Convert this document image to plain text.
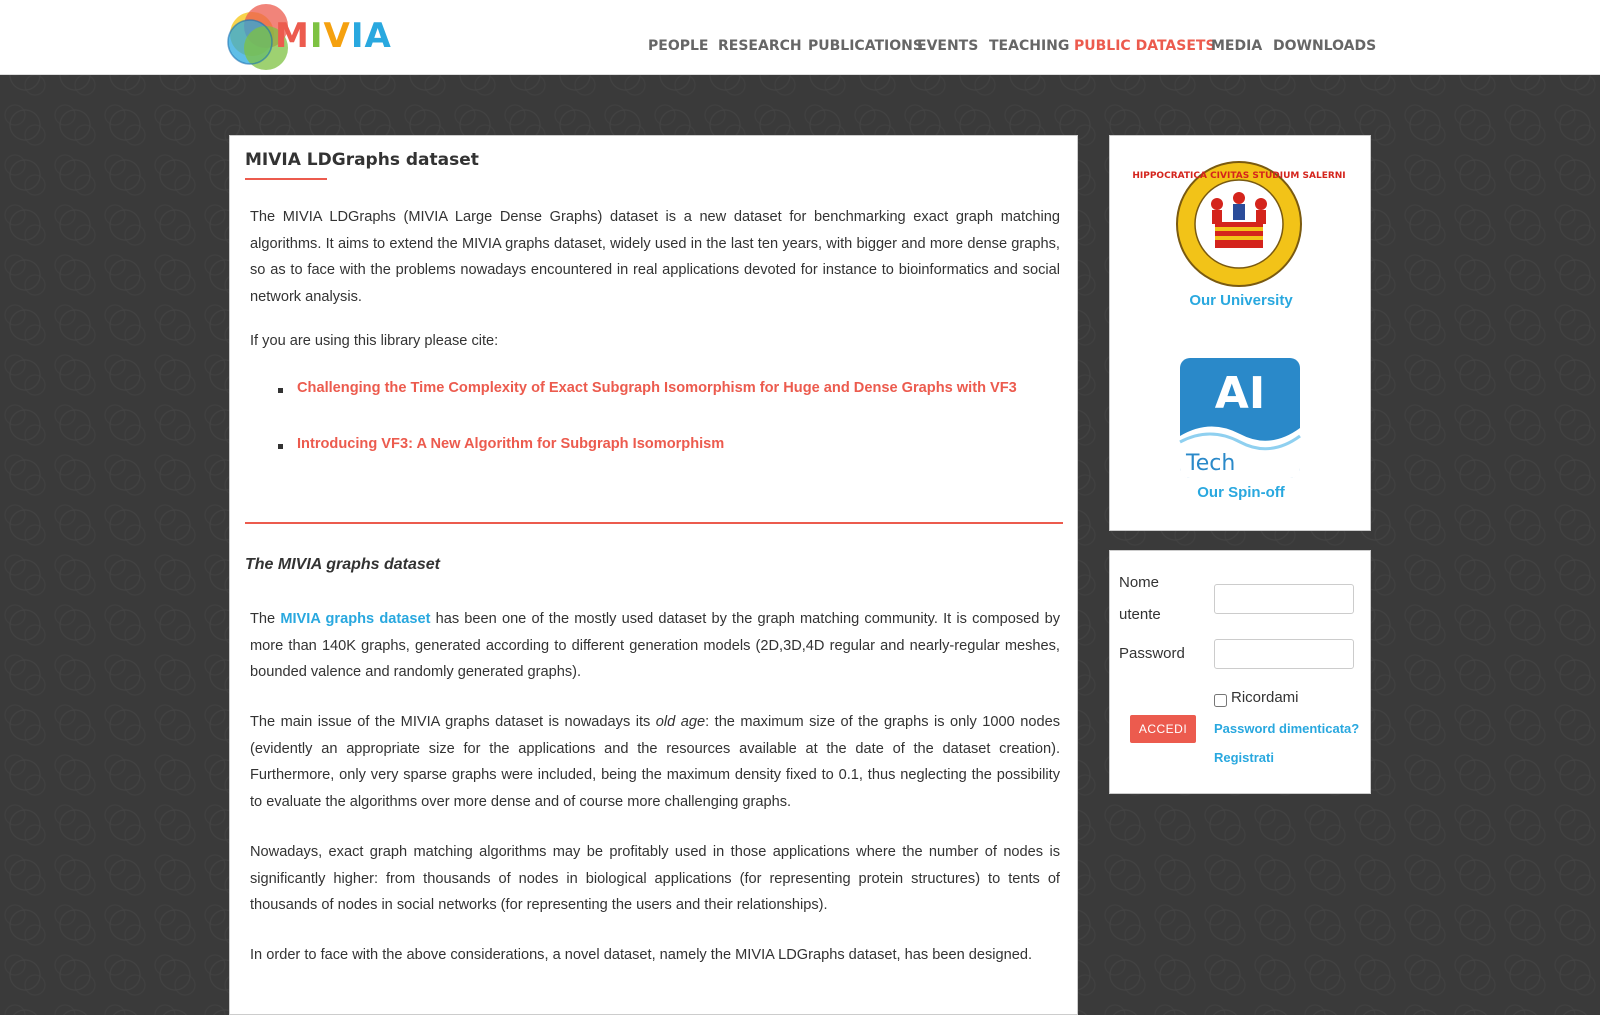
MIVIA	PEOPLE RESEARCH PUBLICATIONS
EVENTS TEACHING PUBLIC DATASETS
MEDIA DOWNLOADS
MIVIA LDGraphs dataset

The MIVIA LDGraphs (MIVIA Large Dense Graphs) dataset is a new dataset for benchmarking exact graph matching algorithms. It aims to extend the MIVIA graphs dataset, widely used in the last ten years, with bigger and more dense graphs, so as to face with the problems nowadays encountered in real applications devoted for instance to bioinformatics and social network analysis.

If you are using this library please cite:

Challenging the Time Complexity of Exact Subgraph Isomorphism for Huge and Dense Graphs with VF3
Introducing VF3: A New Algorithm for Subgraph Isomorphism
The MIVIA graphs dataset

The MIVIA graphs dataset has been one of the mostly used dataset by the graph matching community. It is composed by more than 140K graphs, generated according to different generation models (2D,3D,4D regular and nearly-regular meshes, bounded valence and randomly generated graphs).

The main issue of the MIVIA graphs dataset is nowadays its old age: the maximum size of the graphs is only 1000 nodes (evidently an appropriate size for the applications and the resources available at the date of the dataset creation). Furthermore, only very sparse graphs were included, being the maximum density fixed to 0.1, thus neglecting the possibility to evaluate the algorithms over more dense and of course more challenging graphs.

Nowadays, exact graph matching algorithms may be profitably used in those applications where the number of nodes is significantly higher: from thousands of nodes in biological applications (for representing protein structures) to tents of thousands of nodes in social networks (for representing the users and their relationships).

In order to face with the above considerations, a novel dataset, namely the MIVIA LDGraphs dataset, has been designed.

HIPPOCRATICA CIVITAS STUDIUM SALERNI
Our University
AI
Tech
Our Spin-off
Nome utente
Password
Ricordami
ACCEDI	Password dimenticata?
Registrati
